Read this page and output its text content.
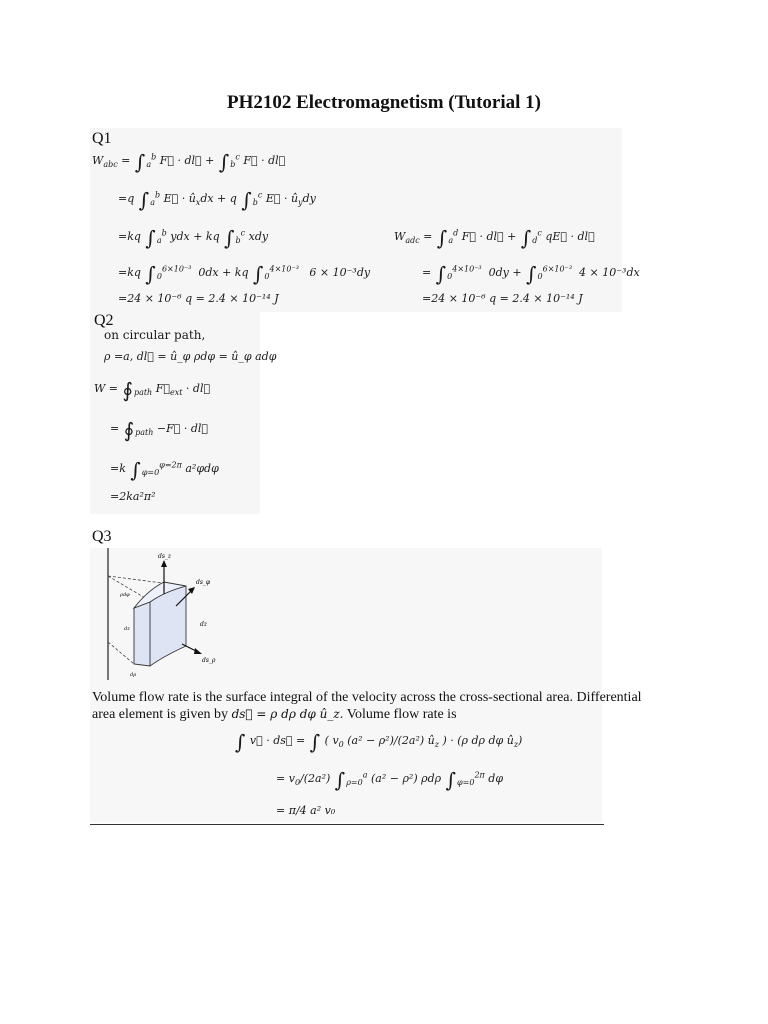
PH2102 Electromagnetism (Tutorial 1)
Q1
$W_{abc} = \int_a^b$ F⃗ · dl⃗ + $\int_b^c$ F⃗ · dl⃗
=q $\int_a^b$ E⃗ · $û_xdx + q$ $\int_b^c$ E⃗ · $û_ydy$
=kq $\int_a^b$ ydx + kq $\int_b^c$ xdy
=kq $\int_0^{6\times 10^{-3}}$  0dx + kq $\int_0^{4\times 10^{-3}}$   6 × 10⁻³dy
=24 × 10⁻⁶ q = 2.4 × 10⁻¹⁴ J
$W_{adc} = \int_a^d$ F⃗ · dl⃗ + $\int_d^c$ qE⃗ · dl⃗
= $\int_0^{4\times 10^{-3}}$  $0dy + \int_0^{6\times 10^{-3}}$  4 × 10⁻³dx
=24 × 10⁻⁶ q = 2.4 × 10⁻¹⁴ J
Q2
on circular path,
ρ =a, dl⃗ = û_φ ρdφ = û_φ adφ
$W = ∮_{path}$ $F⃗_{ext}$ · dl⃗
= $∮_{path}$ −F⃗ · dl⃗
=k $\int_{\varphi=0}^{\varphi=2\pi}$ a²φdφ
=2ka²π²
Q3
ds_z
ds_φ
dz
ds_ρ
ρdφ
dz
dρ
Volume flow rate is the surface integral of the velocity across the cross-sectional area. Differential
area element is given by ds⃗ = ρ dρ dφ û_z. Volume flow rate is
∫ v⃗ · ds⃗ = ∫ ( $v_0$ (a² − ρ²)/(2a²) $û_z$ ) · (ρ dρ dφ $û_z$)
= $v_0/(2a^2)$ $\int_{\rho=0}^a$ (a² − ρ²) ρdρ $\int_{\varphi=0}^{2\pi}$ dφ
= π/4 a² v₀
